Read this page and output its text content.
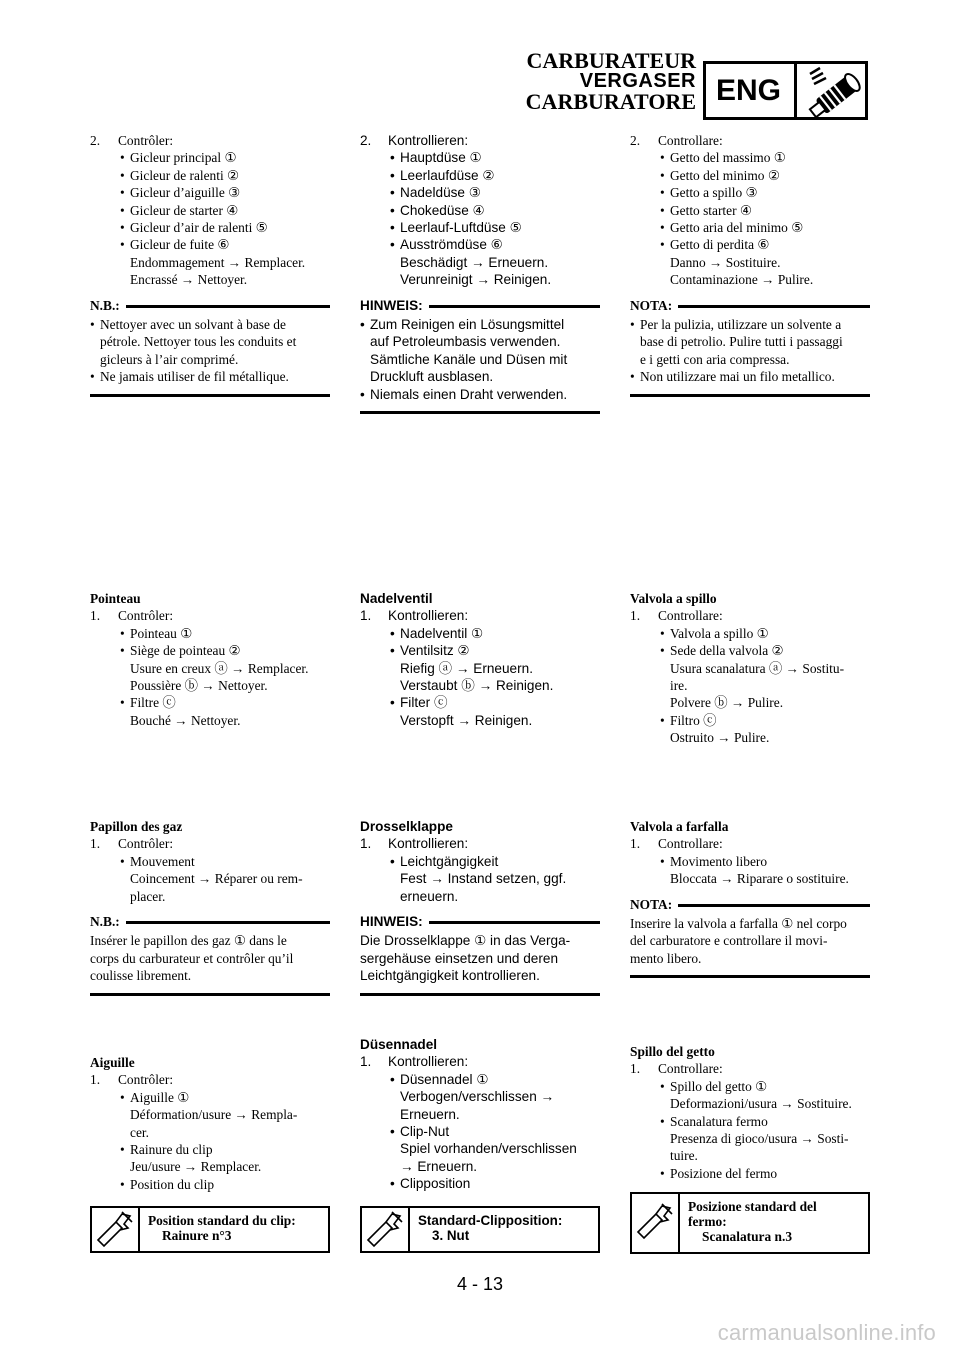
CARBURATEUR
VERGASER
CARBURATORE ENG
2. Contrôler:
• Gicleur principal ①
• Gicleur de ralenti ②
• Gicleur d’aiguille ③
• Gicleur de starter ④
• Gicleur d’air de ralenti ⑤
• Gicleur de fuite ⑥
Endommagement → Remplacer.
Encrassé → Nettoyer.
N.B.:
• Nettoyer avec un solvant à base de
pétrole. Nettoyer tous les conduits et
gicleurs à l’air comprimé.
• Ne jamais utiliser de fil métallique.
Pointeau
1. Contrôler:
• Pointeau ①
• Siège de pointeau ②
Usure en creux ⓐ → Remplacer.
Poussière ⓑ → Nettoyer.
• Filtre ⓒ
Bouché → Nettoyer.
Papillon des gaz
1. Contrôler:
• Mouvement
Coincement → Réparer ou rem-
placer.
N.B.:
Insérer le papillon des gaz ① dans le
corps du carburateur et contrôler qu’il
coulisse librement.
Aiguille
1. Contrôler:
• Aiguille ①
Déformation/usure → Rempla-
cer.
• Rainure du clip
Jeu/usure → Remplacer.
• Position du clip
Position standard du clip:
Rainure n°3
2. Kontrollieren:
• Hauptdüse ①
• Leerlaufdüse ②
• Nadeldüse ③
• Chokedüse ④
• Leerlauf-Luftdüse ⑤
• Ausströmdüse ⑥
Beschädigt → Erneuern.
Verunreinigt → Reinigen.
HINWEIS:
• Zum Reinigen ein Lösungsmittel
auf Petroleumbasis verwenden.
Sämtliche Kanäle und Düsen mit
Druckluft ausblasen.
• Niemals einen Draht verwenden.
Nadelventil
1. Kontrollieren:
• Nadelventil ①
• Ventilsitz ②
Riefig ⓐ → Erneuern.
Verstaubt ⓑ → Reinigen.
• Filter ⓒ
Verstopft → Reinigen.
Drosselklappe
1. Kontrollieren:
• Leichtgängigkeit
Fest → Instand setzen, ggf.
erneuern.
HINWEIS:
Die Drosselklappe ① in das Verga-
sergehäuse einsetzen und deren
Leichtgängigkeit kontrollieren.
Düsennadel
1. Kontrollieren:
• Düsennadel ①
Verbogen/verschlissen →
Erneuern.
• Clip-Nut
Spiel vorhanden/verschlissen
→ Erneuern.
• Clipposition
Standard-Clipposition:
3. Nut
2. Controllare:
• Getto del massimo ①
• Getto del minimo ②
• Getto a spillo ③
• Getto starter ④
• Getto aria del minimo ⑤
• Getto di perdita ⑥
Danno → Sostituire.
Contaminazione → Pulire.
NOTA:
• Per la pulizia, utilizzare un solvente a
base di petrolio. Pulire tutti i passaggi
e i getti con aria compressa.
• Non utilizzare mai un filo metallico.
Valvola a spillo
1. Controllare:
• Valvola a spillo ①
• Sede della valvola ②
Usura scanalatura ⓐ → Sostitu-
ire.
Polvere ⓑ → Pulire.
• Filtro ⓒ
Ostruito → Pulire.
Valvola a farfalla
1. Controllare:
• Movimento libero
Bloccata → Riparare o sostituire.
NOTA:
Inserire la valvola a farfalla ① nel corpo
del carburatore e controllare il movi-
mento libero.
Spillo del getto
1. Controllare:
• Spillo del getto ①
Deformazioni/usura → Sostituire.
• Scanalatura fermo
Presenza di gioco/usura → Sosti-
tuire.
• Posizione del fermo
Posizione standard del
fermo:
Scanalatura n.3
4 - 13
carmanualsonline.info
